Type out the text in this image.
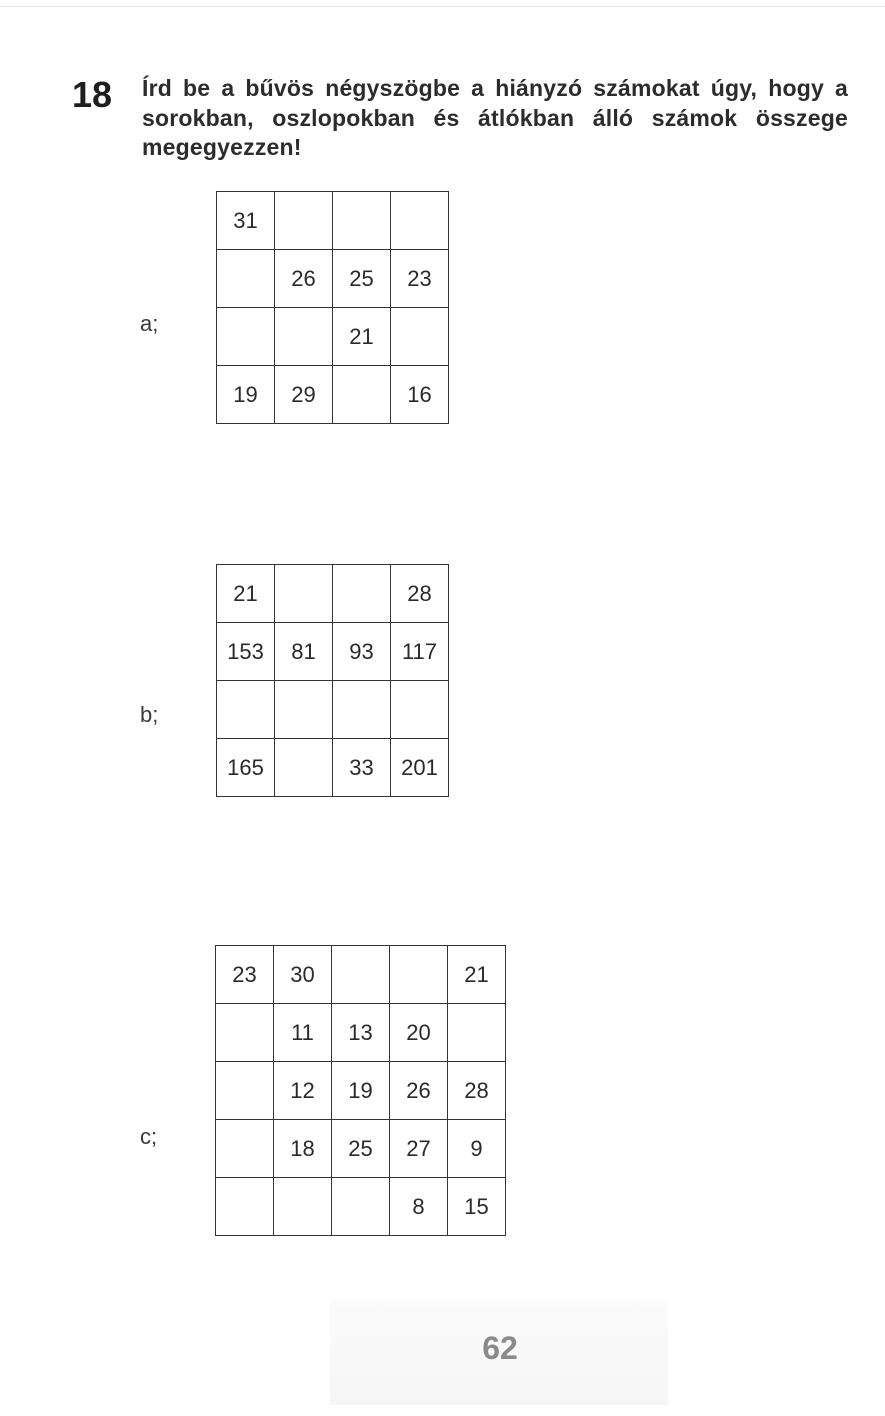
18 Írd be a bűvös négyszögbe a hiányzó számokat úgy, hogy a sorokban, oszlopokban és átlókban álló számok összege megegyezzen!
a;
31			
	26	25	23
		21	
19	29		16
b;
21			28
153	81	93	117

165		33	201
c;
23	30			21
	11	13	20	
	12	19	26	28
	18	25	27	9
			8	15
62
